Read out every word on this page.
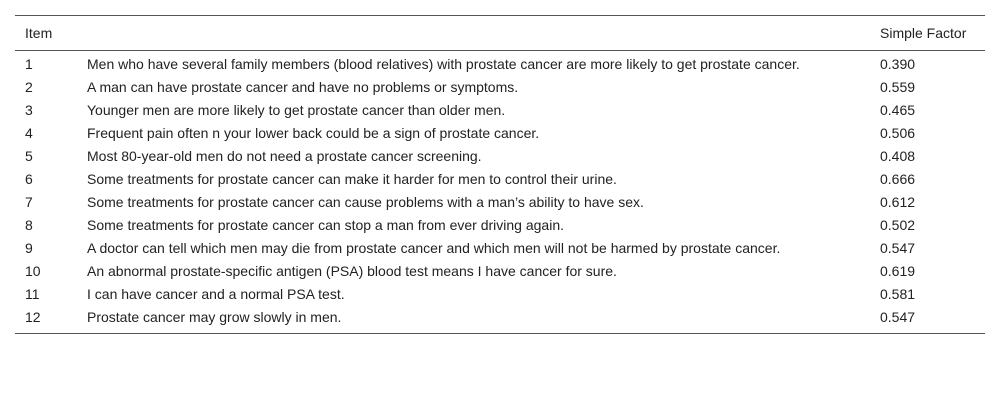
Item		Simple Factor
1	Men who have several family members (blood relatives) with prostate cancer are more likely to get prostate cancer.	0.390
2	A man can have prostate cancer and have no problems or symptoms.	0.559
3	Younger men are more likely to get prostate cancer than older men.	0.465
4	Frequent pain often n your lower back could be a sign of prostate cancer.	0.506
5	Most 80-year-old men do not need a prostate cancer screening.	0.408
6	Some treatments for prostate cancer can make it harder for men to control their urine.	0.666
7	Some treatments for prostate cancer can cause problems with a man’s ability to have sex.	0.612
8	Some treatments for prostate cancer can stop a man from ever driving again.	0.502
9	A doctor can tell which men may die from prostate cancer and which men will not be harmed by prostate cancer.	0.547
10	An abnormal prostate-specific antigen (PSA) blood test means I have cancer for sure.	0.619
11	I can have cancer and a normal PSA test.	0.581
12	Prostate cancer may grow slowly in men.	0.547
